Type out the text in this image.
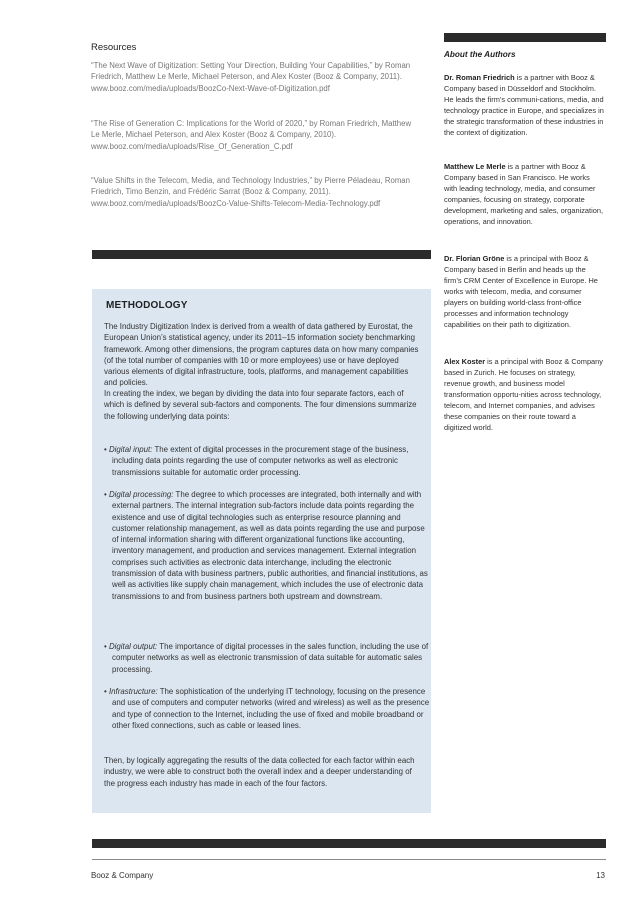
Resources

“The Next Wave of Digitization: Setting Your Direction, Building Your Capabilities,” by Roman Friedrich, Matthew Le Merle, Michael Peterson, and Alex Koster (Booz & Company, 2011). www.booz.com/media/uploads/BoozCo-Next-Wave-of-Digitization.pdf

“The Rise of Generation C: Implications for the World of 2020,” by Roman Friedrich, Matthew Le Merle, Michael Peterson, and Alex Koster (Booz & Company, 2010). www.booz.com/media/uploads/Rise_Of_Generation_C.pdf

“Value Shifts in the Telecom, Media, and Technology Industries,” by Pierre Péladeau, Roman Friedrich, Timo Benzin, and Frédéric Sarrat (Booz & Company, 2011). www.booz.com/media/uploads/BoozCo-Value-Shifts-Telecom-Media-Technology.pdf

METHODOLOGY

The Industry Digitization Index is derived from a wealth of data gathered by Eurostat, the European Union’s statistical agency, under its 2011–15 information society benchmarking framework. Among other dimensions, the program captures data on how many companies (of the total number of companies with 10 or more employees) use or have deployed various elements of digital infrastructure, tools, platforms, and management capabilities and policies.

In creating the index, we began by dividing the data into four separate factors, each of which is defined by several sub-factors and components. The four dimensions summarize the following underlying data points:

• Digital input: The extent of digital processes in the procurement stage of the business, including data points regarding the use of computer networks as well as electronic transmissions suitable for automatic order processing.

• Digital processing: The degree to which processes are integrated, both internally and with external partners. The internal integration sub-factors include data points regarding the existence and use of digital technologies such as enterprise resource planning and customer relationship management, as well as data points regarding the use and purpose of internal information sharing with different organizational functions like accounting, inventory management, and production and services management. External integration comprises such activities as electronic data interchange, including the electronic transmission of data with business partners, public authorities, and financial institutions, as well as activities like supply chain management, which includes the use of electronic data transmissions to and from business partners both upstream and downstream.

• Digital output: The importance of digital processes in the sales function, including the use of computer networks as well as electronic transmission of data suitable for automatic sales processing.

• Infrastructure: The sophistication of the underlying IT technology, focusing on the presence and use of computers and computer networks (wired and wireless) as well as the presence and type of connection to the Internet, including the use of fixed and mobile broadband or other fixed connections, such as cable or leased lines.

Then, by logically aggregating the results of the data collected for each factor within each industry, we were able to construct both the overall index and a deeper understanding of the progress each industry has made in each of the four factors.

About the Authors

Dr. Roman Friedrich is a partner with Booz & Company based in Düsseldorf and Stockholm. He leads the firm’s communi-cations, media, and technology practice in Europe, and specializes in the strategic transformation of these industries in the context of digitization.

Matthew Le Merle is a partner with Booz & Company based in San Francisco. He works with leading technology, media, and consumer companies, focusing on strategy, corporate development, marketing and sales, organization, operations, and innovation.

Dr. Florian Gröne is a principal with Booz & Company based in Berlin and heads up the firm’s CRM Center of Excellence in Europe. He works with telecom, media, and consumer players on building world-class front-office processes and information technology capabilities on their path to digitization.

Alex Koster is a principal with Booz & Company based in Zurich. He focuses on strategy, revenue growth, and business model transformation opportu-nities across technology, telecom, and Internet companies, and advises these companies on their route toward a digitized world.

Booz & Company	13
